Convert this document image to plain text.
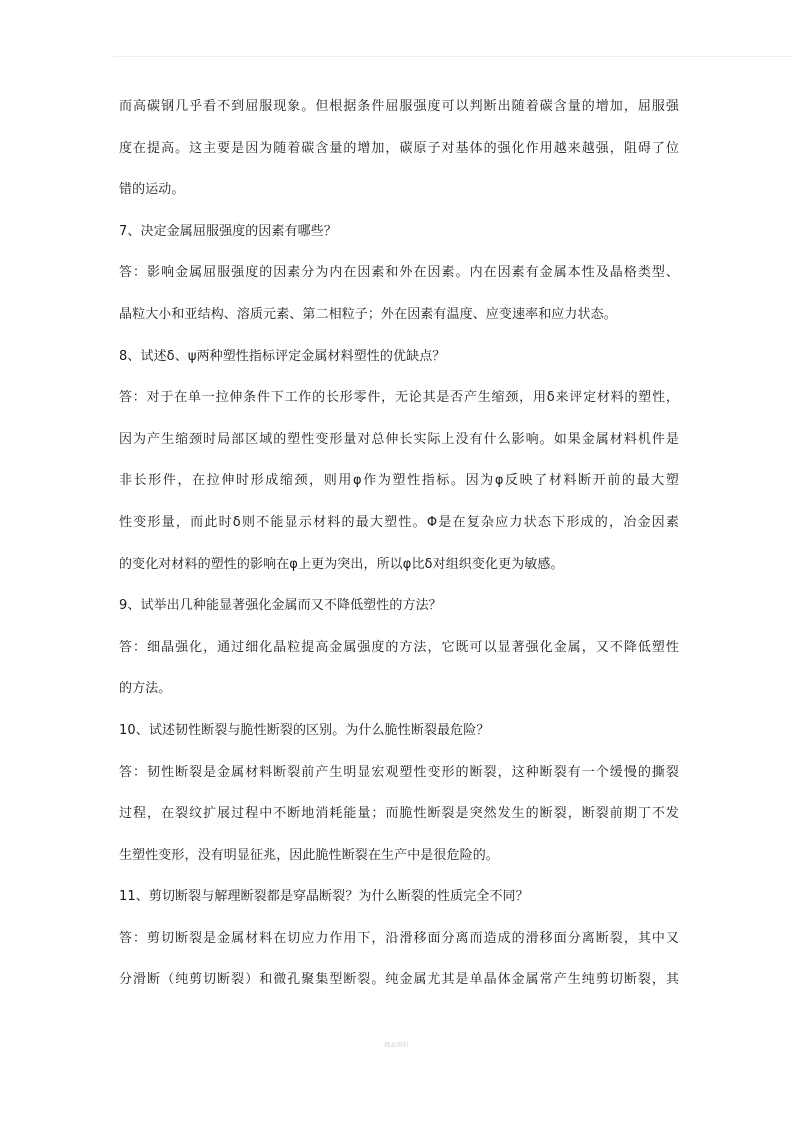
而高碳钢几乎看不到屈服现象。但根据条件屈服强度可以判断出随着碳含量的增加，屈服强
度在提高。这主要是因为随着碳含量的增加，碳原子对基体的强化作用越来越强，阻碍了位
错的运动。
7、决定金属屈服强度的因素有哪些？
答：影响金属屈服强度的因素分为内在因素和外在因素。内在因素有金属本性及晶格类型、
晶粒大小和亚结构、溶质元素、第二相粒子；外在因素有温度、应变速率和应力状态。
8、试述δ、ψ两种塑性指标评定金属材料塑性的优缺点？
答：对于在单一拉伸条件下工作的长形零件，无论其是否产生缩颈，用δ来评定材料的塑性，
因为产生缩颈时局部区域的塑性变形量对总伸长实际上没有什么影响。如果金属材料机件是
非长形件，在拉伸时形成缩颈，则用φ作为塑性指标。因为φ反映了材料断开前的最大塑
性变形量，而此时δ则不能显示材料的最大塑性。Φ是在复杂应力状态下形成的，冶金因素
的变化对材料的塑性的影响在φ上更为突出，所以φ比δ对组织变化更为敏感。
9、试举出几种能显著强化金属而又不降低塑性的方法？
答：细晶强化，通过细化晶粒提高金属强度的方法，它既可以显著强化金属，又不降低塑性
的方法。
10、试述韧性断裂与脆性断裂的区别。为什么脆性断裂最危险？
答：韧性断裂是金属材料断裂前产生明显宏观塑性变形的断裂，这种断裂有一个缓慢的撕裂
过程，在裂纹扩展过程中不断地消耗能量；而脆性断裂是突然发生的断裂，断裂前期丁不发
生塑性变形，没有明显征兆，因此脆性断裂在生产中是很危险的。
11、剪切断裂与解理断裂都是穿晶断裂？为什么断裂的性质完全不同？
答：剪切断裂是金属材料在切应力作用下，沿滑移面分离而造成的滑移面分离断裂，其中又
分滑断（纯剪切断裂）和微孔聚集型断裂。纯金属尤其是单晶体金属常产生纯剪切断裂，其
精品资料
